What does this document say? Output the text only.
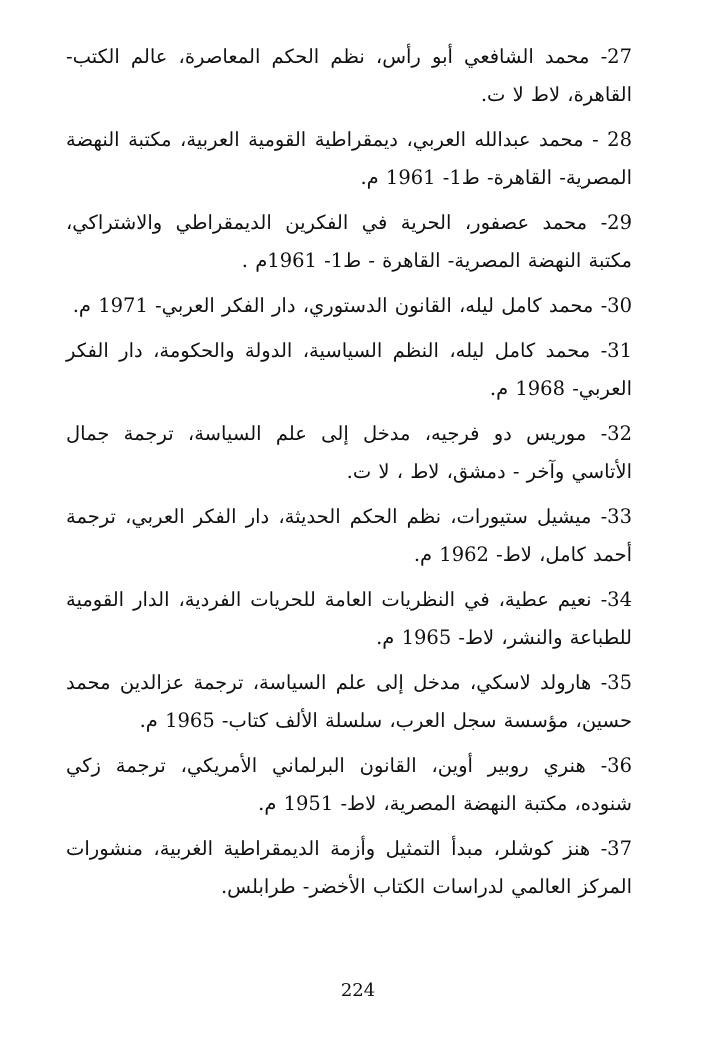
27- محمد الشافعي أبو رأس، نظم الحكم المعاصرة، عالم الكتب- القاهرة، لاط لا ت.
28 - محمد عبدالله العربي، ديمقراطية القومية العربية، مكتبة النهضة المصرية- القاهرة- ط1- 1961 م.
29- محمد عصفور، الحرية في الفكرين الديمقراطي والاشتراكي، مكتبة النهضة المصرية- القاهرة - ط1- 1961م .
30- محمد كامل ليله، القانون الدستوري، دار الفكر العربي- 1971 م.
31- محمد كامل ليله، النظم السياسية، الدولة والحكومة، دار الفكر العربي- 1968 م.
32- موريس دو فرجيه، مدخل إلى علم السياسة، ترجمة جمال الأتاسي وآخر - دمشق، لاط ، لا ت.
33- ميشيل ستيورات، نظم الحكم الحديثة، دار الفكر العربي، ترجمة أحمد كامل، لاط- 1962 م.
34- نعيم عطية، في النظريات العامة للحريات الفردية، الدار القومية للطباعة والنشر، لاط- 1965 م.
35- هارولد لاسكي، مدخل إلى علم السياسة، ترجمة عزالدين محمد حسين، مؤسسة سجل العرب، سلسلة الألف كتاب- 1965 م.
36- هنري روبير أوين، القانون البرلماني الأمريكي، ترجمة زكي شنوده، مكتبة النهضة المصرية، لاط- 1951 م.
37- هنز كوشلر، مبدأ التمثيل وأزمة الديمقراطية الغربية، منشورات المركز العالمي لدراسات الكتاب الأخضر- طرابلس.
224
